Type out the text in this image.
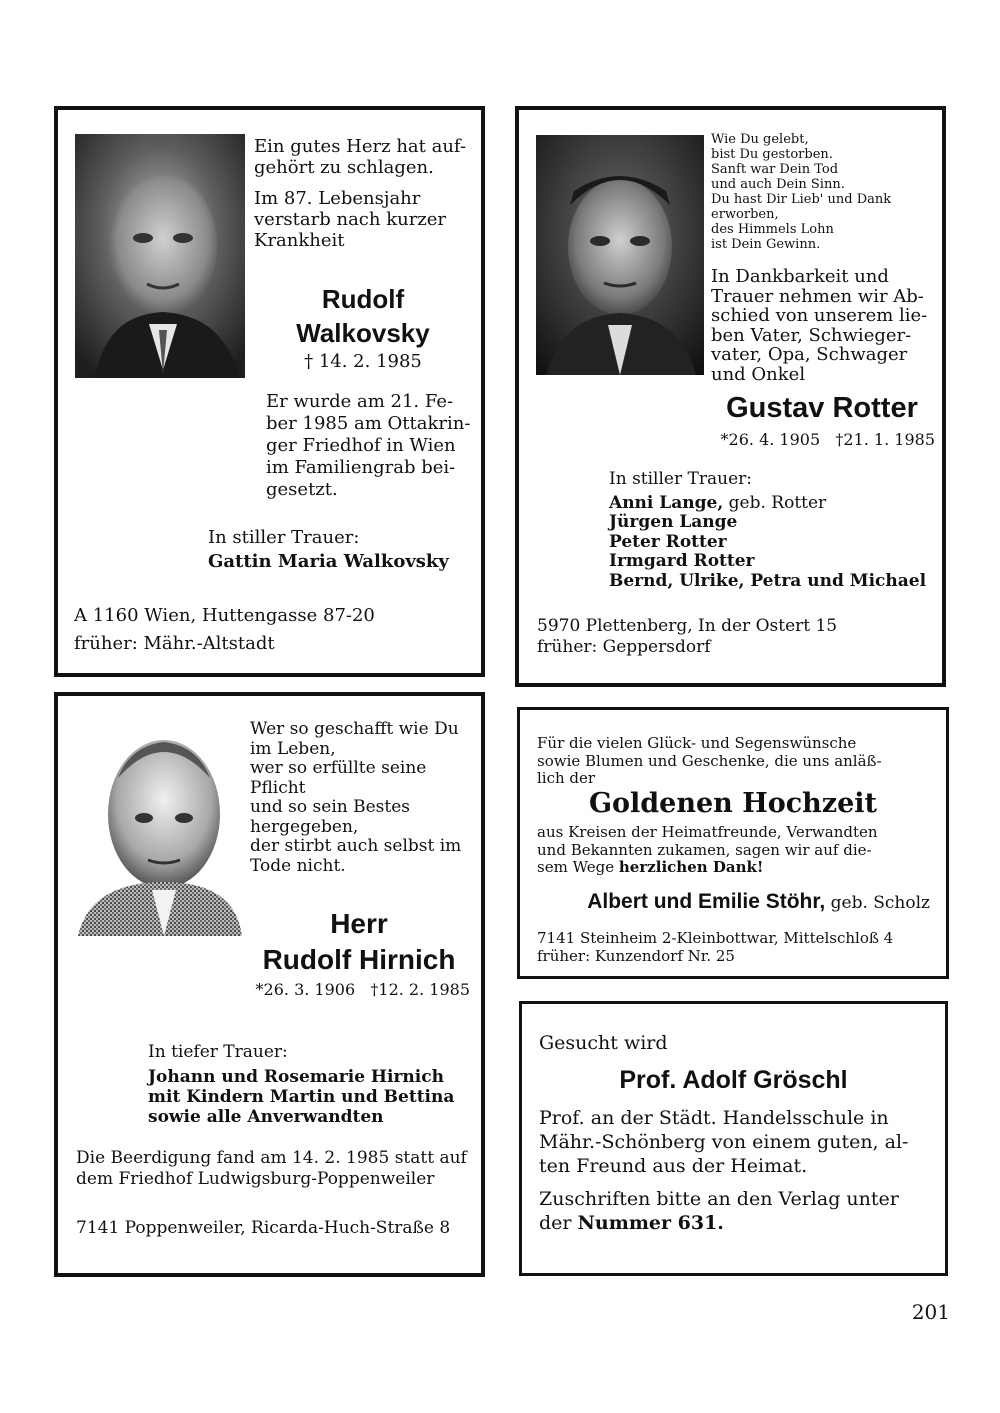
Ein gutes Herz hat auf-
gehört zu schlagen.
Im 87. Lebensjahr
verstarb nach kurzer
Krankheit
Rudolf
Walkovsky
† 14. 2. 1985
Er wurde am 21. Fe-
ber 1985 am Ottakrin-
ger Friedhof in Wien
im Familiengrab bei-
gesetzt.
In stiller Trauer:
Gattin Maria Walkovsky
A 1160 Wien, Huttengasse 87-20
früher: Mähr.-Altstadt
Wie Du gelebt,
bist Du gestorben.
Sanft war Dein Tod
und auch Dein Sinn.
Du hast Dir Lieb' und Dank
erworben,
des Himmels Lohn
ist Dein Gewinn.
In Dankbarkeit und
Trauer nehmen wir Ab-
schied von unserem lie-
ben Vater, Schwieger-
vater, Opa, Schwager
und Onkel
Gustav Rotter
*26. 4. 1905   †21. 1. 1985
In stiller Trauer:
Anni Lange, geb. Rotter
Jürgen Lange
Peter Rotter
Irmgard Rotter
Bernd, Ulrike, Petra und Michael
5970 Plettenberg, In der Ostert 15
früher: Geppersdorf
Wer so geschafft wie Du
im Leben,
wer so erfüllte seine
Pflicht
und so sein Bestes
hergegeben,
der stirbt auch selbst im
Tode nicht.
Herr
Rudolf Hirnich
*26. 3. 1906   †12. 2. 1985
In tiefer Trauer:
Johann und Rosemarie Hirnich
mit Kindern Martin und Bettina
sowie alle Anverwandten
Die Beerdigung fand am 14. 2. 1985 statt auf
dem Friedhof Ludwigsburg-Poppenweiler
7141 Poppenweiler, Ricarda-Huch-Straße 8
Für die vielen Glück- und Segenswünsche
sowie Blumen und Geschenke, die uns anläß-
lich der
Goldenen Hochzeit
aus Kreisen der Heimatfreunde, Verwandten
und Bekannten zukamen, sagen wir auf die-
sem Wege herzlichen Dank!
Albert und Emilie Stöhr, geb. Scholz
7141 Steinheim 2-Kleinbottwar, Mittelschloß 4
früher: Kunzendorf Nr. 25
Gesucht wird
Prof. Adolf Gröschl
Prof. an der Städt. Handelsschule in
Mähr.-Schönberg von einem guten, al-
ten Freund aus der Heimat.
Zuschriften bitte an den Verlag unter
der Nummer 631.
201
